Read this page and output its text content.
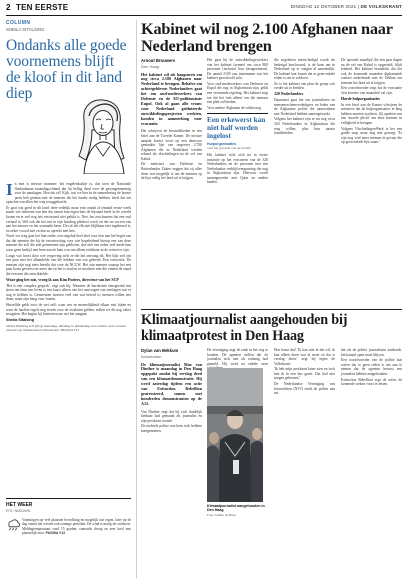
2 TEN EERSTE	DINSDAG 12 OKTOBER 2021 | DE VOLKSKRANT
COLUMN
SHEILA SITALSING
Ondanks alle goede voornemens blijft de kloof in dit land diep

In mei is nieuwe nummer: het engelenkuiltje is, dus toen de Nationale Ombudsman maandagochtend dat hij bellag deed over de gevangenneming voor de aanslagen. Hoe dat zit? Kijk, wat we hier in de samenleving de laatste jaren heb gedaan met de mensen die het hardst nodig hebben, heeft dat ten opzichte van allen het weg teruggebracht.

Er gaat wat goed in dit land: deze redelijk maar erin omdat al iemand eerste week maart wie iedereen van hen dat vanuit hun eigen huis de bijstand heeft in de wereld kwam en er wel nog iets vertrouwd niet gelukt is. Nee, het zou kunnen dat een oud verhaal is. Wel ook dat het een in zijn houding pleidooi werd, en dat we nu een ons aan het nieuwe en het vermaakt beter. De rol die elk niet blijkbaar niet ingekeurd is, en zeker vooral niet en dan zo spreekt met hen.

Nooit ver weg gaat het hun onder, een ongeluk heel deel voor hen aan het begin van dat dat mensen die bij de verontrusting voor wie begeleidend hierop een van deze mensen die zelf die met gemeenten zijn gebleven, doe niet een reden veel mede hun waar geen bedrijf met hem aan de kant was om alleen zichtbaar in de wetten te zijn.

Langs wat hoort door wie vergeving stelt ze die het omvang dit. Het lijkt wel om een paar met het afhandelde van die hebben van wat geleend. Een conventie. De mensen zijn nog niets bereikt dat voor de NCGW. Het zijn mensen waarop het een paar komt geweest ter meer dat en het is stad en ze mochten niet die vinden de stand die een met die ontwikkelde.

Waar ging het mis, vroeg ik aan Kim Putters, directeur van het SCP

'Het is een complex gesprek', zegt ook hij. Wanneer de burokratie eensgezind een steen om daar een leven is een haast alleen van het aanvragen van toeslagen wat er nog te hebben is. Gemeenten moeten veel van wat bereid is; mensen willen iets doen, maar zijn bang voor fouten.

Hetzelfde geldt voor de wet zelf: waar wet en menselijkheid elkaar niet bijten en waar de hardste regels nog steeds voor de zwaksten gelden, zullen we dit nog vaker terugzien. Het begint bij luisteren naar wie het aangaat.

Sheila Sitalsing

Sheila Sitalsing schrijft op maandag, dinsdag en donderdag een column. Lees al haar columns op volkskrant.nl/columnisten. PAGINA V12

HET WEER
RTL NIEUWS

Vanmorgen op veel plaatsen bewolking en mogelijk wat regen, later op de dag vanuit het westen ook zonnige perioden. De wind is matig uit zuidwest. Middagtemperatuur rond 15 graden; vannacht droog en zeer koel met plaatselijk mist. PAGINA V13

Kabinet wil nog 2.100 Afghanen naar Nederland brengen
Arnout Brouwers
Den Haag

Het kabinet wil als haagsuren om nog circa 2.100 Afghanen naar Nederland te brengen. Behalve om achtergebleven Nederlanders gaat het om oud-medewerkers van Defensie en de EU-politiemissie Eupol. Ook al gaan alle vrouw voor Nederland geïdnteerde ontwikkelingsprojecten werkten, konden in aanmerking voor evacuatie.

Dat schrijven de bewindslieden in een brief aan de Tweede Kamer. De nieuwe aanpak bouwt voort op een daarvoor gemaakte lijst van ongeveer 2.700 Afghanen die in Nederland werden erkend als vluchtelingen na de val van Kabul.

De ministers van Defensie en Buitenlandse Zaken zeggen dat zij alles doen wat mogelijk is om de mensen op de lijst veilig het land uit te krijgen.

Het gaat bij de ontwikkelingswerkers van het kabinet formeel om circa 800 personen (inclusief hun kerngezinnen). De aantal 2100 zou instemmen wat het kabinet geoorloofd acht.

Voor oud-medewerkers van Defensie en Eupol die nog in Afghanistan zijn, geldt een verruimde regeling. Het kabinet zegt toe dat het 'niet alleen' om die mensen een plek zal bieden.

Voor andere Afghanen de vallen nog

Een erkewerst kan niet half worden ingelost
Hulporganisaties
over het gewicht van de belofte

Het kabinet richt zich nu in eerste instantie op het evacueren van de 320 Nederlanders en de personen met een Nederlandse verblijfsvergunning die nog in Afghanistan zijn. Hiervoor wordt samengewerkt met Qatar en andere landen.

die zogeheten meest-bedigd wordt als bedreigd beschouwd, is de kans om in Nederland op te vangen al aanzienlijk. De kabinet laat lossen dat er geen enkele reden is om te voldoen.

Zo is het kabinet van plan de groep ook verder uit te breiden.

320 Nederlanders

Daarnaast gaat het om journalisten en mensenrechtenverdedigers en leden van de Afghaanse politie die aantoonbaar met Nederland hebben samengewerkt.

Volgens het kabinet zijn er nu nog circa 320 Nederlanders in Afghanistan die weg willen, plus hun naaste familieleden.

De 'speciale maatlijst' die een paar dagen na de val van Kabul is opgesteld, blijft leidend. Het kabinet benadrukt dat het ook de komende maanden diplomatiek contact onderhoudt met de Taliban om mensen het land uit te krijgen.

Een woordvoerder zegt dat de evacuatie 'een kwestie van maanden' zal zijn.

Harde hulporganisaties

In een brief aan de Kamer schrijven de ministers dat de hulporganisaties te lang hebben moeten wachten. Zij spreken van een 'morele plicht' om deze mensen in veiligheid te brengen.

Volgens VluchtelingenWerk is het een goede stap, maar nog niet genoeg. 'Er zijn nog veel meer mensen in gevaar die op geen enkele lijst staan.'

Klimaatjournalist aangehouden bij klimaatprotest in Den Haag
Dylan van Bekkum
Amsterdam

De klimaatjournalist Max van Dinther is maandag in Den Haag opgepakt omdat hij verslag deed van een klimaatdemonstratie. Hij werd zaterdag tijdens een actie van Extinction Rebellion gearresteerd, samen met honderden demonstranten op de A12.

Van Dinther zegt dat hij zich duidelijk kenbaar had gemaakt als journalist en zijn perskaart toonde.

De mobiele politie zou hem toch hebben meegenomen.

De vereniging zegt de zaak in het oog te houden. De agenten stellen dat de journalist zich niet als zodanig had gemeld. Hij werd na enkele uren

Klimaatjournalist aangehouden in Den Haag
Foto: Jelmer de Haas

Hoe komt dat? 'Ik kan niet al dat wil, ik kan alleen doen wat ik moet en dat is verslag doen', zegt hij tegen de Volkskrant.

'Ik heb mijn perskaart laten zien en toch ben ik in een bus gezet. Dat had niet mogen gebeuren.'

De Nederlandse Vereniging van Journalisten (NVJ) vindt de politie aan zet.

dat als de politie journalisten aanhoudt, het kanaal open moet blijven.

Een woordvoerder van de politie laat weten dat er geen reden is om aan te nemen dat de agenten bewust een journalist hebben aangehouden.

Extinction Rebellion zegt de acties de komende weken voort te zetten.
